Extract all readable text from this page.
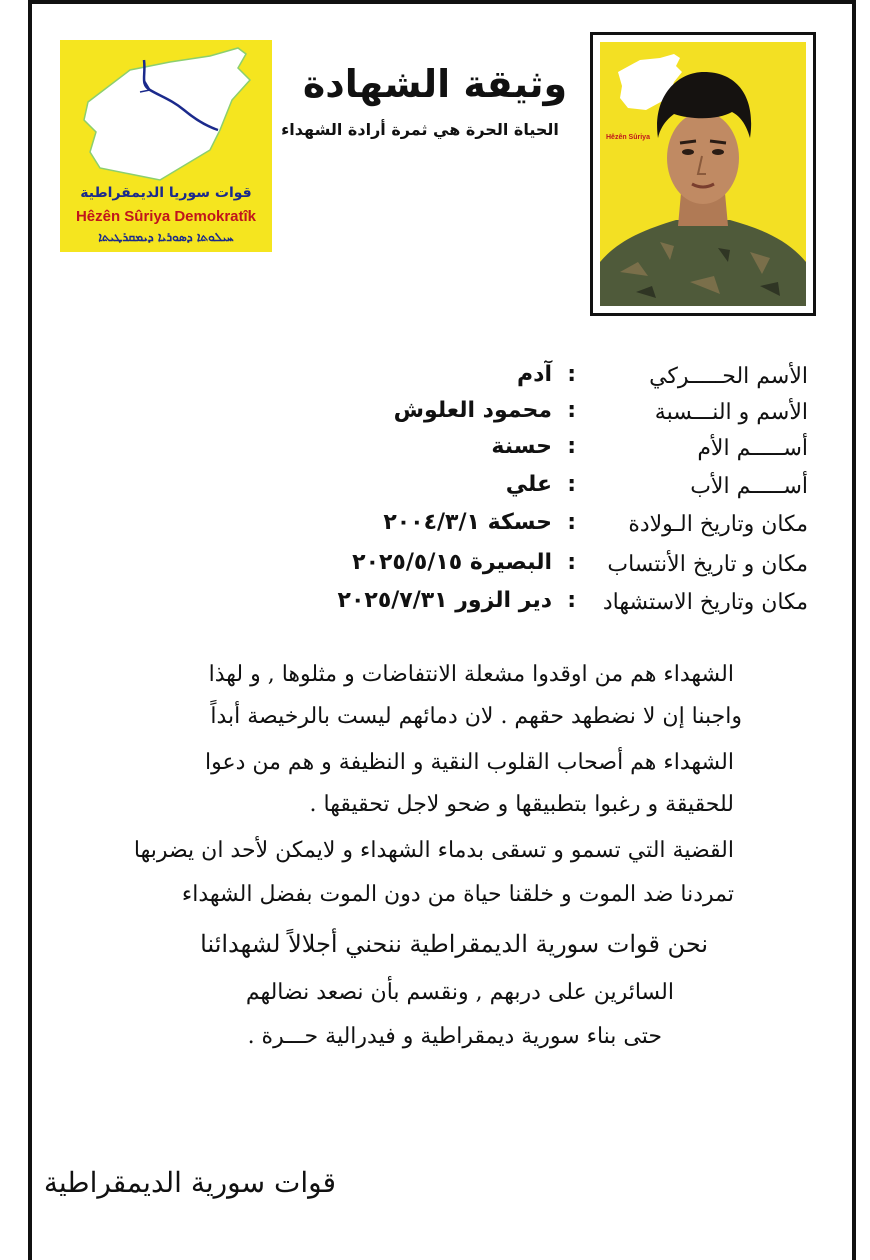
قوات سوريا الديمقراطية
Hêzên Sûriya Demokratîk
ܚܝܠܘܬܐ ܕܣܘܪܝܐ ܕܝܡܩܪܛܝܬܐ
وثيقة الشهادة
الحياة الحرة هي ثمرة أرادة الشهداء	Hêzên Sûriya
الأسم الحـــــركي
:
آدم
الأسم و النـــسبة
:
محمود العلوش
أســـــم الأم
:
حسنة
أســـــم الأب
:
علي
مكان وتاريخ الـولادة
:
حسكة ٢٠٠٤/٣/١
مكان و تاريخ الأنتساب
:
البصيرة ٢٠٢٥/٥/١٥
مكان وتاريخ الاستشهاد
:
دير الزور ٢٠٢٥/٧/٣١
الشهداء هم من اوقدوا مشعلة الانتفاضات و مثلوها , و لهذا
واجبنا إن لا نضطهد حقهم . لان دمائهم ليست بالرخيصة أبداً
الشهداء هم أصحاب القلوب النقية و النظيفة و هم من دعوا
للحقيقة و رغبوا بتطبيقها و ضحو لاجل تحقيقها .
القضية التي تسمو و تسقى بدماء الشهداء و لايمكن لأحد ان يضربها
تمردنا ضد الموت و خلقنا حياة من دون الموت بفضل الشهداء
نحن قوات سورية الديمقراطية ننحني أجلالاً لشهدائنا
السائرين على دربهم , ونقسم بأن نصعد نضالهم
حتى بناء سورية ديمقراطية و فيدرالية حـــرة .
قوات سورية الديمقراطية
